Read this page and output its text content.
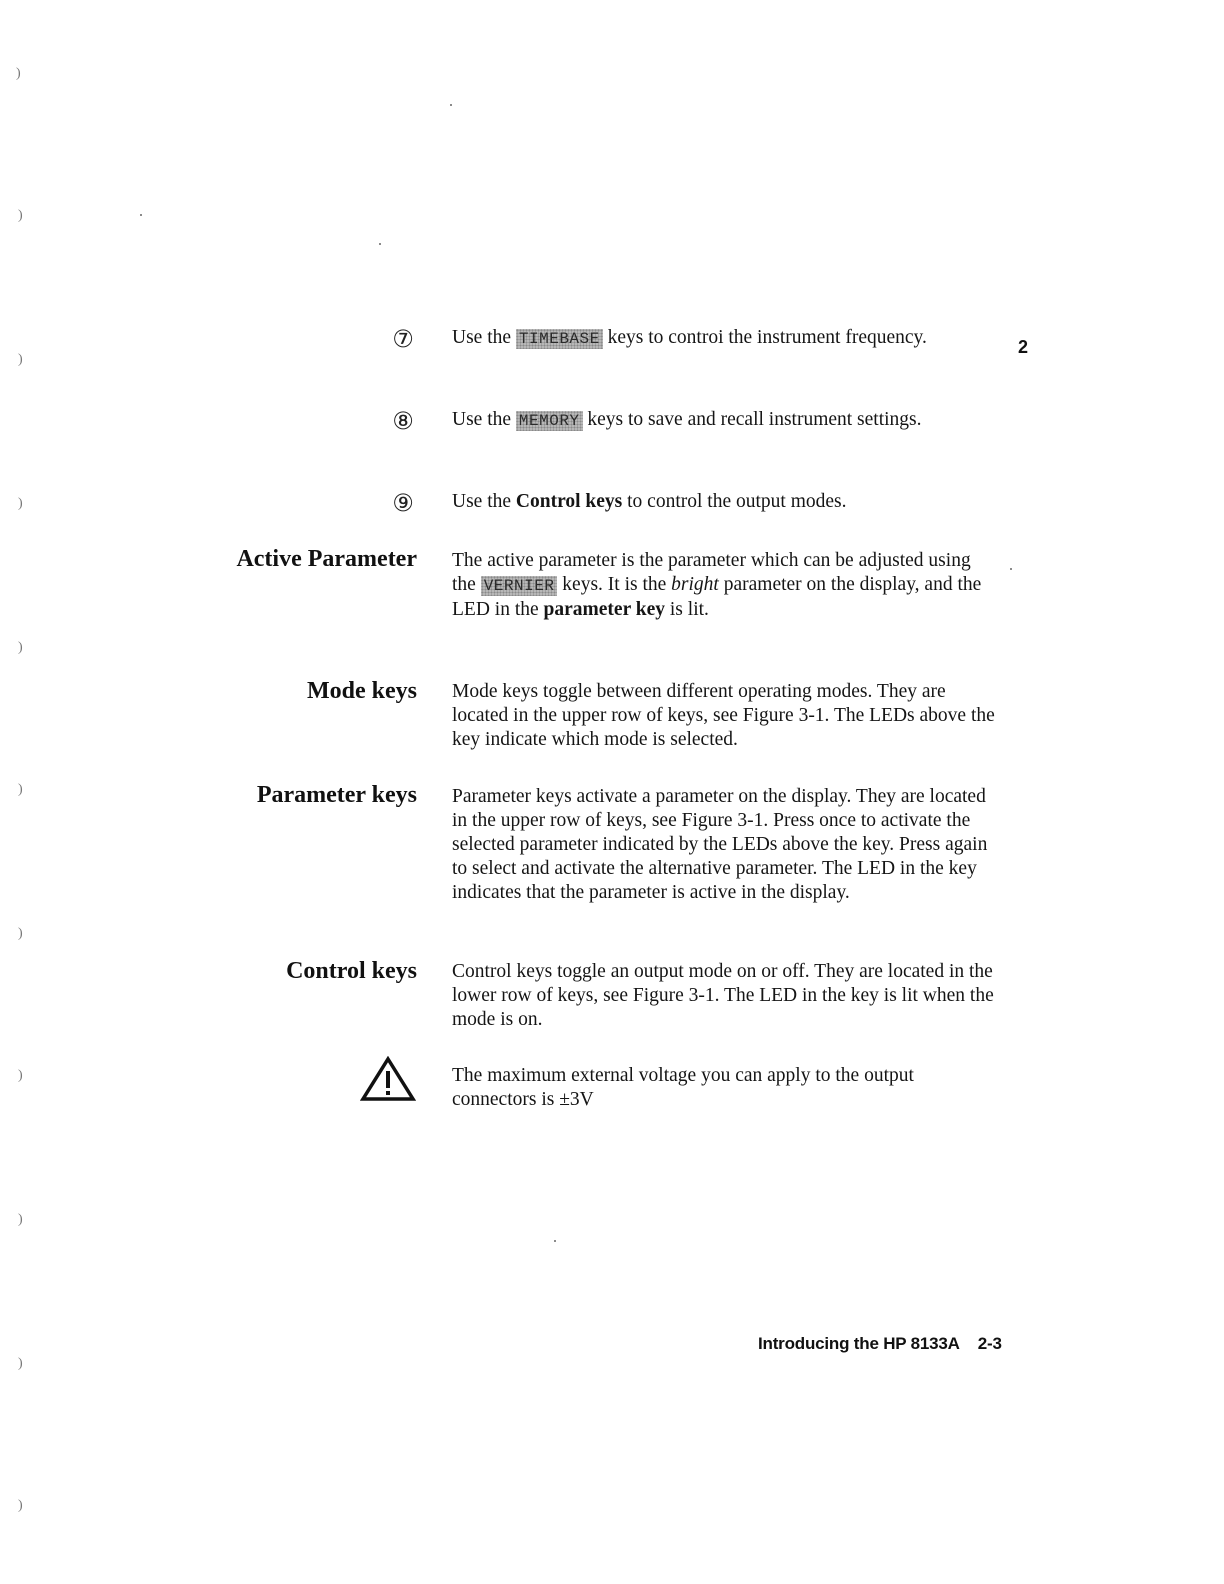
)
)
)
)
)
)
)
)
)
)
)
2
⑦ Use the TIMEBASE keys to controi the instrument frequency.
⑧ Use the MEMORY keys to save and recall instrument settings.
⑨ Use the Control keys to control the output modes.
Active Parameter The active parameter is the parameter which can be adjusted using the VERNIER keys. It is the bright parameter on the display, and the LED in the parameter key is lit.
Mode keys Mode keys toggle between different operating modes. They are located in the upper row of keys, see Figure 3-1. The LEDs above the key indicate which mode is selected.
Parameter keys Parameter keys activate a parameter on the display. They are located in the upper row of keys, see Figure 3-1. Press once to activate the selected parameter indicated by the LEDs above the key. Press again to select and activate the alternative parameter. The LED in the key indicates that the parameter is active in the display.
Control keys Control keys toggle an output mode on or off. They are located in the lower row of keys, see Figure 3-1. The LED in the key is lit when the mode is on.
The maximum external voltage you can apply to the output connectors is ±3V
Introducing the HP 8133A 2-3
